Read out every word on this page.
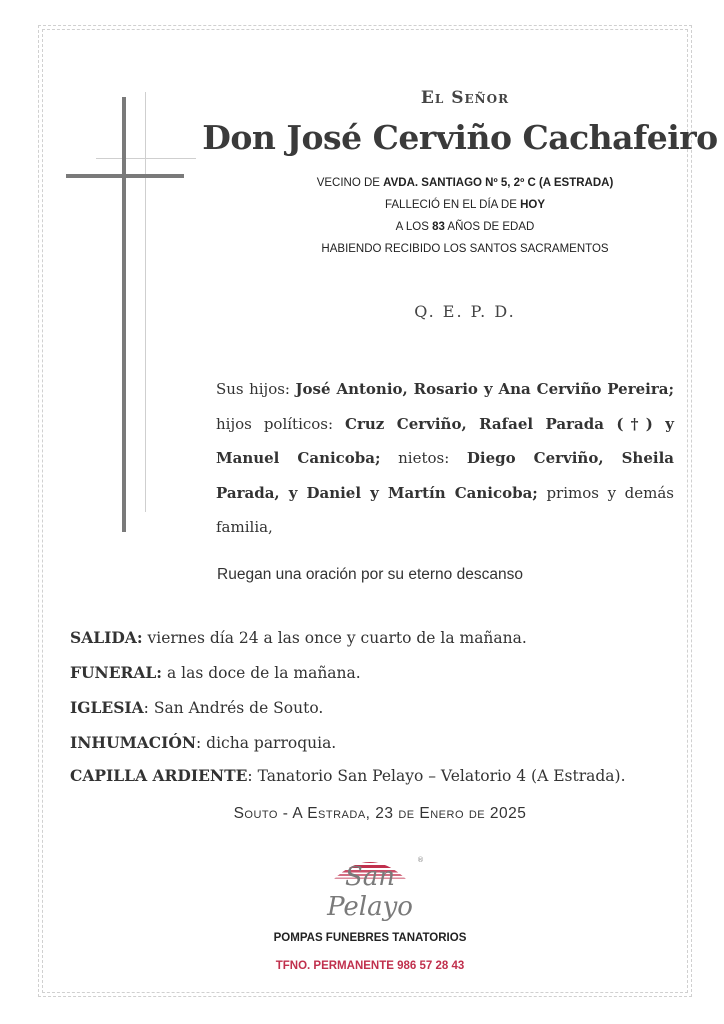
El Señor
Don José Cerviño Cachafeiro
VECINO DE AVDA. SANTIAGO Nº 5, 2º C (A ESTRADA)
FALLECIÓ EN EL DÍA DE HOY
A LOS 83 AÑOS DE EDAD
HABIENDO RECIBIDO LOS SANTOS SACRAMENTOS
Q. E. P. D.
Sus hijos: José Antonio, Rosario y Ana Cerviño Pereira; hijos políticos: Cruz Cerviño, Rafael Parada (†) y Manuel Canicoba; nietos: Diego Cerviño, Sheila Parada, y Daniel y Martín Canicoba; primos y demás familia,
Ruegan una oración por su eterno descanso
SALIDA: viernes día 24 a las once y cuarto de la mañana.
FUNERAL: a las doce de la mañana.
IGLESIA: San Andrés de Souto.
INHUMACIÓN: dicha parroquia.
CAPILLA ARDIENTE: Tanatorio San Pelayo – Velatorio 4 (A Estrada).
Souto - A Estrada, 23 de Enero de 2025
®
San Pelayo
POMPAS FUNEBRES TANATORIOS
TFNO. PERMANENTE 986 57 28 43
